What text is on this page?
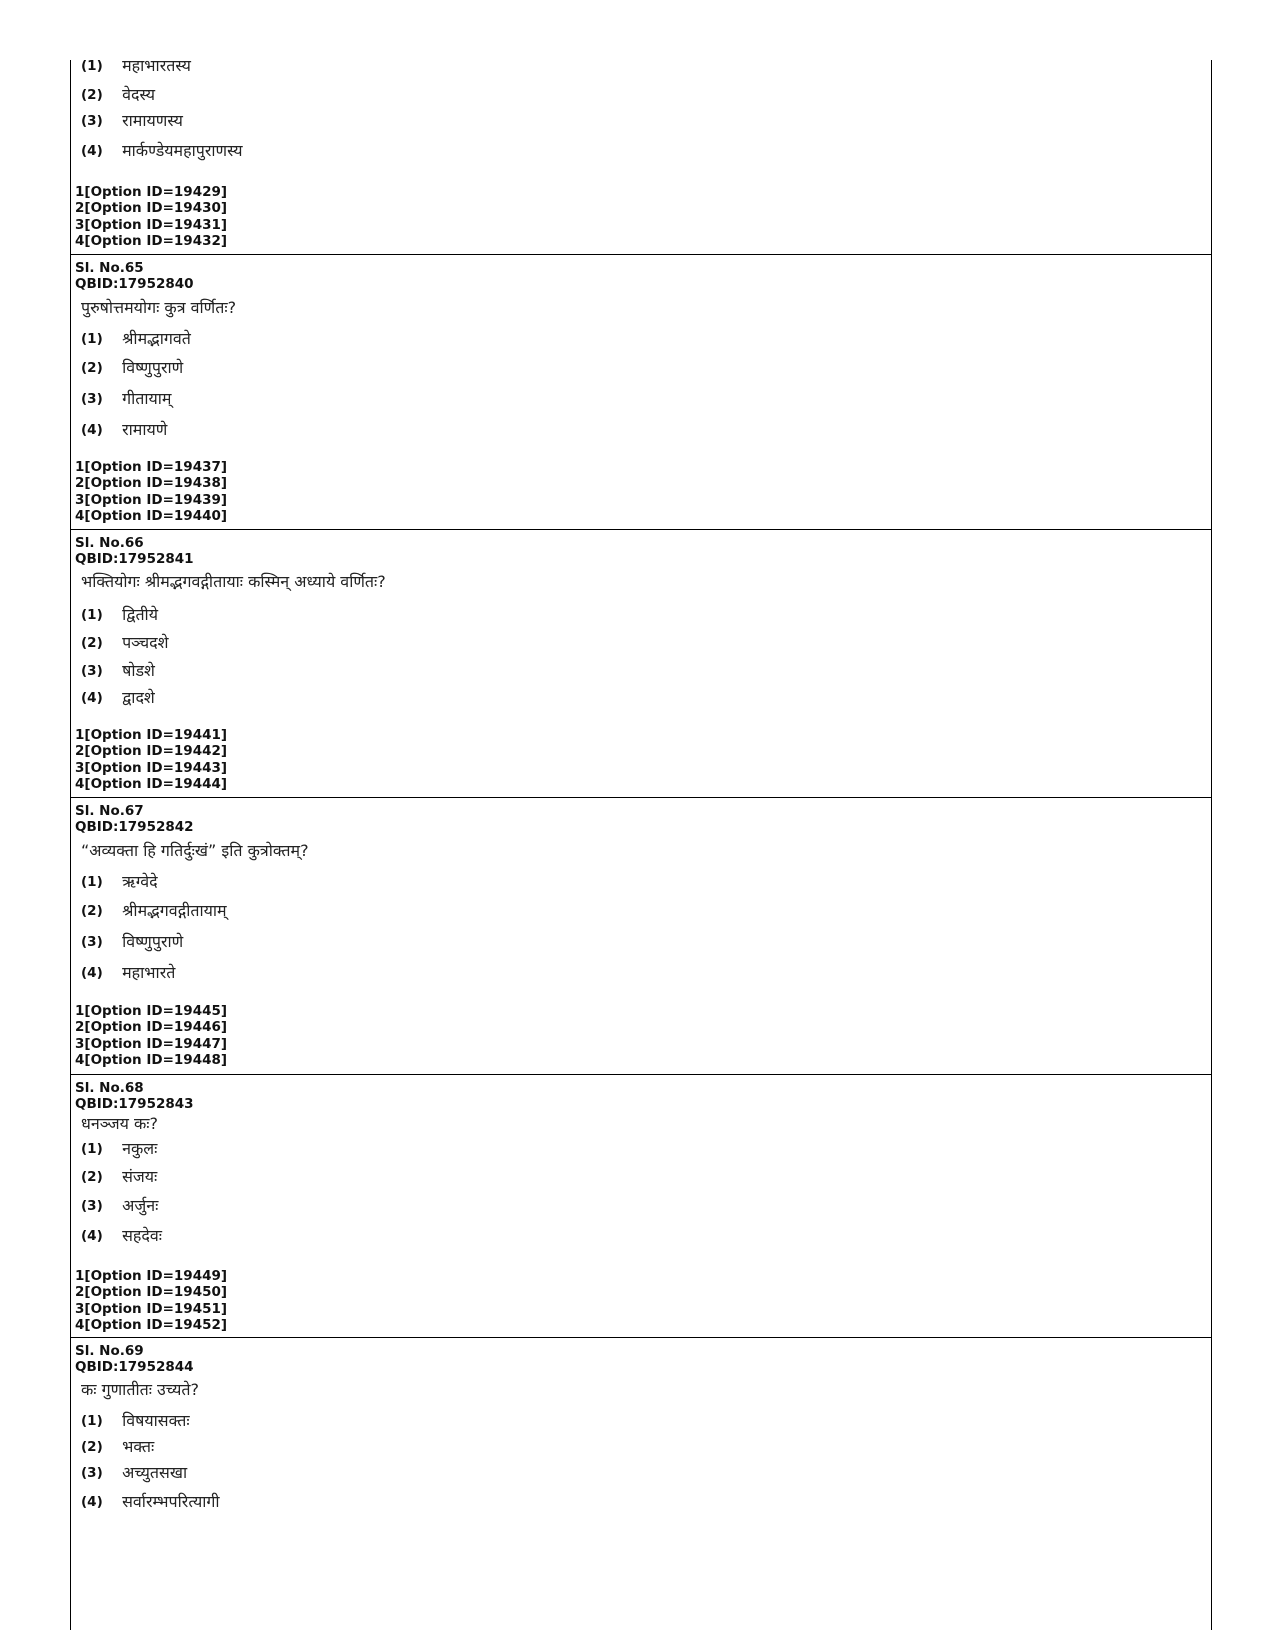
(1) महाभारतस्य
(2) वेदस्य
(3) रामायणस्य
(4) मार्कण्डेयमहापुराणस्य
1[Option ID=19429]
2[Option ID=19430]
3[Option ID=19431]
4[Option ID=19432]
Sl. No.65
QBID:17952840
पुरुषोत्तमयोगः कुत्र वर्णितः?
(1) श्रीमद्भागवते
(2) विष्णुपुराणे
(3) गीतायाम्
(4) रामायणे
1[Option ID=19437]
2[Option ID=19438]
3[Option ID=19439]
4[Option ID=19440]
Sl. No.66
QBID:17952841
भक्तियोगः श्रीमद्भगवद्गीतायाः कस्मिन् अध्याये वर्णितः?
(1) द्वितीये
(2) पञ्चदशे
(3) षोडशे
(4) द्वादशे
1[Option ID=19441]
2[Option ID=19442]
3[Option ID=19443]
4[Option ID=19444]
Sl. No.67
QBID:17952842
“अव्यक्ता हि गतिर्दुःखं” इति कुत्रोक्तम्?
(1) ऋग्वेदे
(2) श्रीमद्भगवद्गीतायाम्
(3) विष्णुपुराणे
(4) महाभारते
1[Option ID=19445]
2[Option ID=19446]
3[Option ID=19447]
4[Option ID=19448]
Sl. No.68
QBID:17952843
धनञ्जय कः?
(1) नकुलः
(2) संजयः
(3) अर्जुनः
(4) सहदेवः
1[Option ID=19449]
2[Option ID=19450]
3[Option ID=19451]
4[Option ID=19452]
Sl. No.69
QBID:17952844
कः गुणातीतः उच्यते?
(1) विषयासक्तः
(2) भक्तः
(3) अच्युतसखा
(4) सर्वारम्भपरित्यागी
